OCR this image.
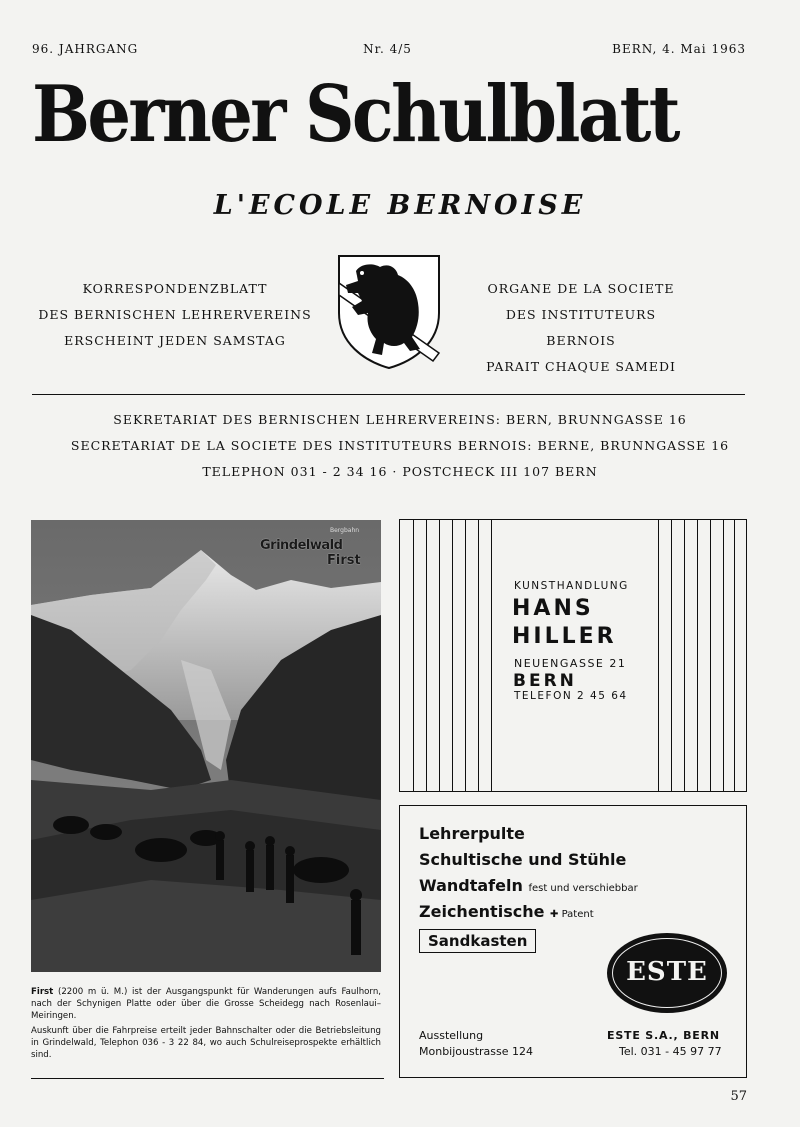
96. JAHRGANG	Nr. 4/5	BERN, 4. Mai 1963
Berner Schulblatt
L'ECOLE BERNOISE
KORRESPONDENZBLATT
DES BERNISCHEN LEHRERVEREINS
ERSCHEINT JEDEN SAMSTAG
ORGANE DE LA SOCIETE
DES INSTITUTEURS BERNOIS
PARAIT CHAQUE SAMEDI
SEKRETARIAT DES BERNISCHEN LEHRERVEREINS: BERN, BRUNNGASSE 16
SECRETARIAT DE LA SOCIETE DES INSTITUTEURS BERNOIS: BERNE, BRUNNGASSE 16
TELEPHON 031 - 2 34 16 · POSTCHECK III 107 BERN
Bergbahn
Grindelwald
First

First (2200 m ü. M.) ist der Ausgangspunkt für Wanderungen aufs Faulhorn, nach der Schynigen Platte oder über die Grosse Scheidegg nach Rosenlaui–Meiringen.

Auskunft über die Fahrpreise erteilt jeder Bahnschalter oder die Betriebsleitung in Grindelwald, Telephon 036 - 3 22 84, wo auch Schulreiseprospekte erhältlich sind.

KUNSTHANDLUNG
HANS
HILLER
NEUENGASSE 21
BERN
TELEFON 2 45 64
Lehrerpulte
Schultische und Stühle
Wandtafeln fest und verschiebbar
Zeichentische ✚ Patent
Sandkasten
ESTE
Ausstellung
Monbijoustrasse 124
ESTE S.A., BERN
Tel. 031 - 45 97 77
57
